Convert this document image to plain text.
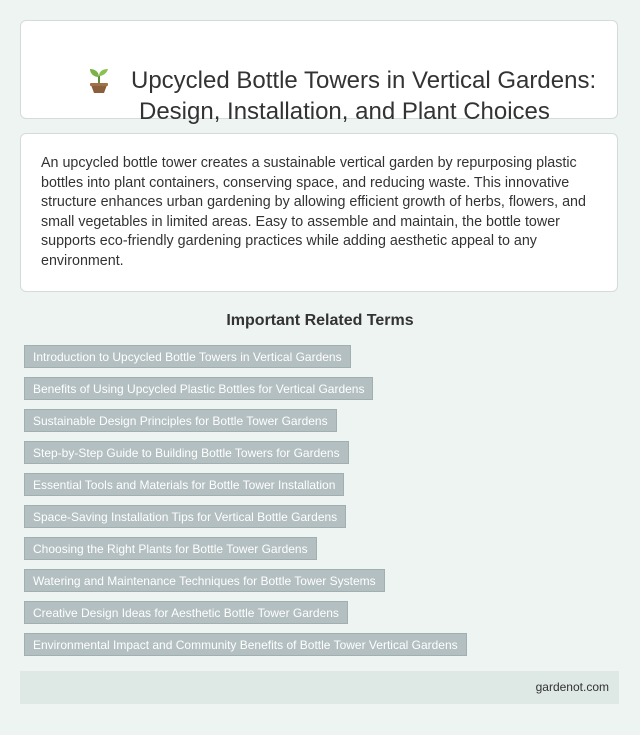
Upcycled Bottle Towers in Vertical Gardens:
Design, Installation, and Plant Choices

An upcycled bottle tower creates a sustainable vertical garden by repurposing plastic bottles into plant containers, conserving space, and reducing waste. This innovative structure enhances urban gardening by allowing efficient growth of herbs, flowers, and small vegetables in limited areas. Easy to assemble and maintain, the bottle tower supports eco-friendly gardening practices while adding aesthetic appeal to any environment.

Important Related Terms
Introduction to Upcycled Bottle Towers in Vertical Gardens
Benefits of Using Upcycled Plastic Bottles for Vertical Gardens
Sustainable Design Principles for Bottle Tower Gardens
Step-by-Step Guide to Building Bottle Towers for Gardens
Essential Tools and Materials for Bottle Tower Installation
Space-Saving Installation Tips for Vertical Bottle Gardens
Choosing the Right Plants for Bottle Tower Gardens
Watering and Maintenance Techniques for Bottle Tower Systems
Creative Design Ideas for Aesthetic Bottle Tower Gardens
Environmental Impact and Community Benefits of Bottle Tower Vertical Gardens
gardenot.com
